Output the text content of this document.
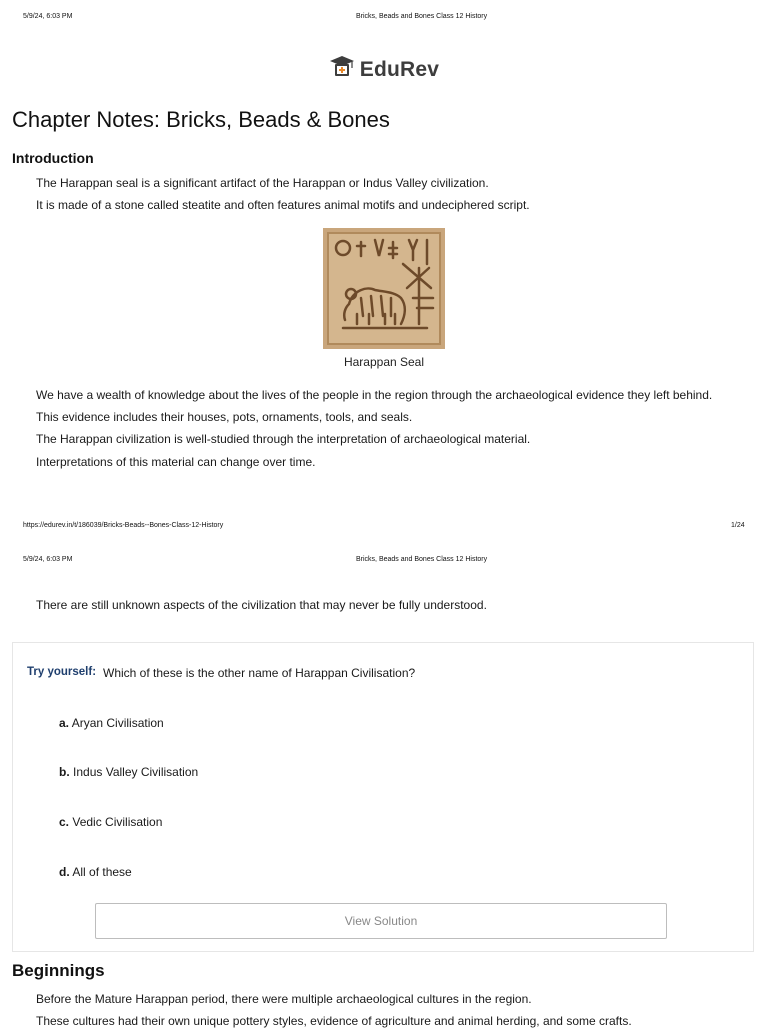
5/9/24, 6:03 PM	Bricks, Beads and Bones Class 12 History
EduRev
Chapter Notes: Bricks, Beads & Bones
Introduction
The Harappan seal is a significant artifact of the Harappan or Indus Valley civilization.
It is made of a stone called steatite and often features animal motifs and undeciphered script.
Harappan Seal
We have a wealth of knowledge about the lives of the people in the region through the archaeological evidence they left behind.
This evidence includes their houses, pots, ornaments, tools, and seals.
The Harappan civilization is well-studied through the interpretation of archaeological material.
Interpretations of this material can change over time.
https://edurev.in/t/186039/Bricks-Beads--Bones-Class-12-History	1/24
5/9/24, 6:03 PM	Bricks, Beads and Bones Class 12 History
There are still unknown aspects of the civilization that may never be fully understood.
Try yourself: Which of these is the other name of Harappan Civilisation?
a. Aryan Civilisation
b. Indus Valley Civilisation
c. Vedic Civilisation
d. All of these
View Solution
Beginnings
Before the Mature Harappan period, there were multiple archaeological cultures in the region.
These cultures had their own unique pottery styles, evidence of agriculture and animal herding, and some crafts.
